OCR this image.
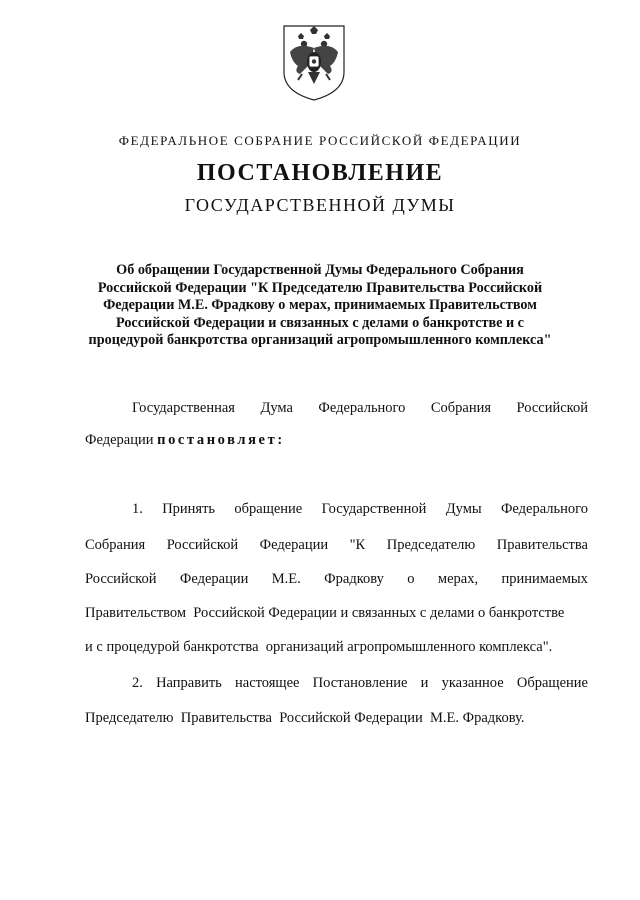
ФЕДЕРАЛЬНОЕ СОБРАНИЕ РОССИЙСКОЙ ФЕДЕРАЦИИ
ПОСТАНОВЛЕНИЕ
ГОСУДАРСТВЕННОЙ ДУМЫ
Об обращении Государственной Думы Федерального Собрания
Российской Федерации "К Председателю Правительства Российской
Федерации М.Е. Фрадкову о мерах, принимаемых Правительством
Российской Федерации и связанных с делами о банкротстве и с
процедурой банкротства организаций агропромышленного комплекса"
Государственная Дума Федерального Собрания Российской
Федерации постановляет:
1. Принять обращение Государственной Думы Федерального
Собрания Российской Федерации "К Председателю Правительства
Российской Федерации М.Е. Фрадкову о мерах, принимаемых
Правительством  Российской Федерации и связанных с делами о банкротстве
и с процедурой банкротства  организаций агропромышленного комплекса".
2. Направить настоящее Постановление и указанное Обращение
Председателю  Правительства  Российской Федерации  М.Е. Фрадкову.
